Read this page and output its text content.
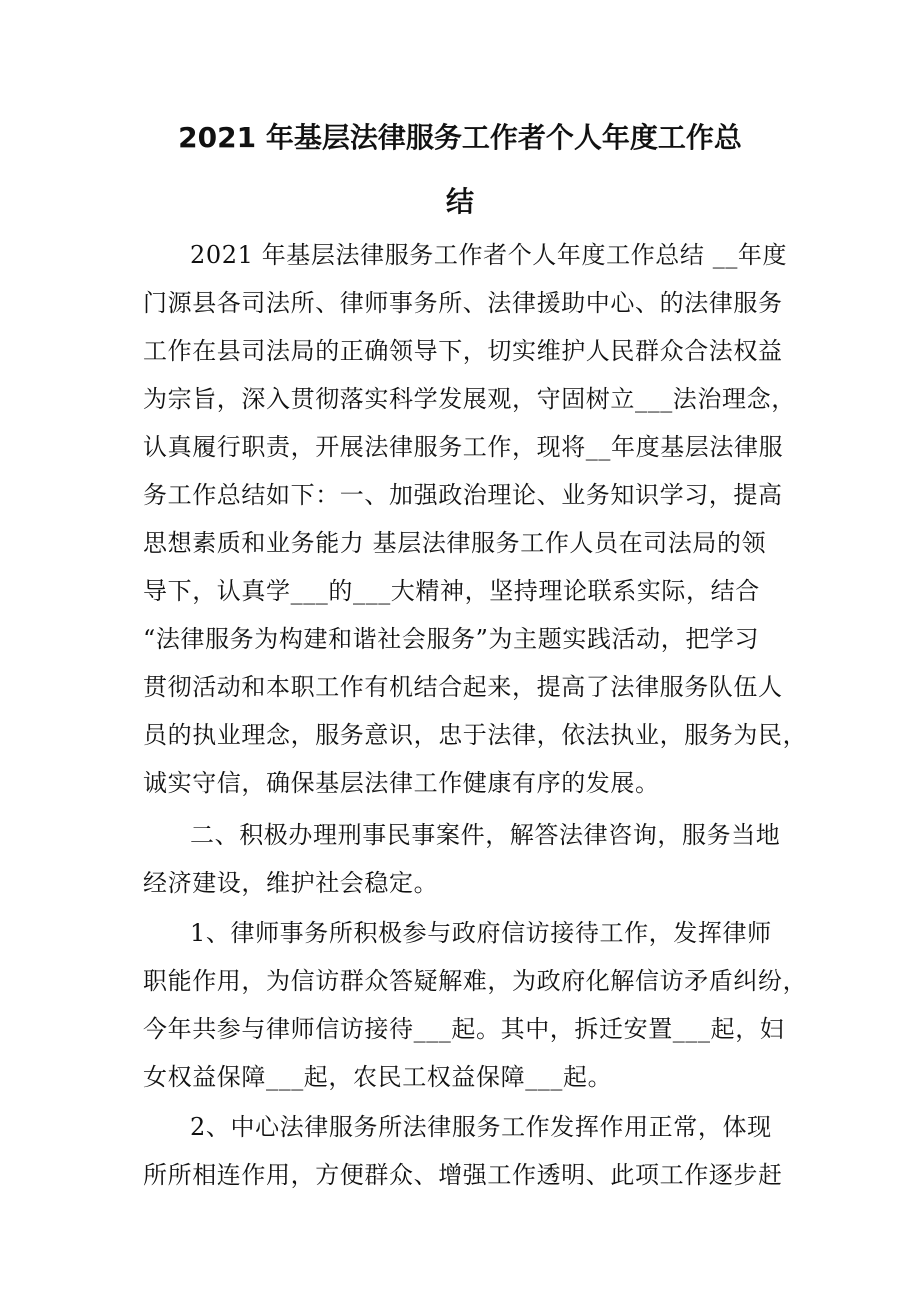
2021 年基层法律服务工作者个人年度工作总
结
2021 年基层法律服务工作者个人年度工作总结 __年度
门源县各司法所、律师事务所、法律援助中心、的法律服务
工作在县司法局的正确领导下，切实维护人民群众合法权益
为宗旨，深入贯彻落实科学发展观，守固树立___法治理念，
认真履行职责，开展法律服务工作，现将__年度基层法律服
务工作总结如下：一、加强政治理论、业务知识学习，提高
思想素质和业务能力 基层法律服务工作人员在司法局的领
导下，认真学___的___大精神，坚持理论联系实际，结合
“法律服务为构建和谐社会服务”为主题实践活动，把学习
贯彻活动和本职工作有机结合起来，提高了法律服务队伍人
员的执业理念，服务意识，忠于法律，依法执业，服务为民，
诚实守信，确保基层法律工作健康有序的发展。
二、积极办理刑事民事案件，解答法律咨询，服务当地
经济建设，维护社会稳定。
1、律师事务所积极参与政府信访接待工作，发挥律师
职能作用，为信访群众答疑解难，为政府化解信访矛盾纠纷，
今年共参与律师信访接待___起。其中，拆迁安置___起，妇
女权益保障___起，农民工权益保障___起。
2、中心法律服务所法律服务工作发挥作用正常，体现
所所相连作用，方便群众、增强工作透明、此项工作逐步赶
